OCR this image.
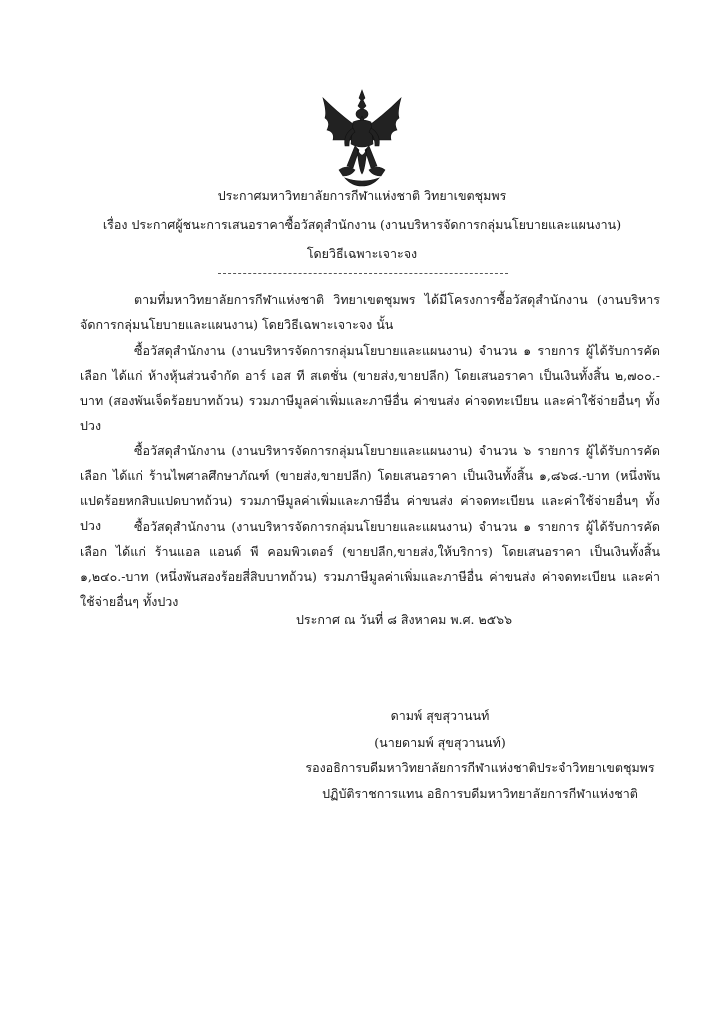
ประกาศมหาวิทยาลัยการกีฬาแห่งชาติ วิทยาเขตชุมพร
เรื่อง ประกาศผู้ชนะการเสนอราคาซื้อวัสดุสำนักงาน (งานบริหารจัดการกลุ่มนโยบายและแผนงาน)
โดยวิธีเฉพาะเจาะจง

ตามที่มหาวิทยาลัยการกีฬาแห่งชาติ วิทยาเขตชุมพร ได้มีโครงการซื้อวัสดุสำนักงาน (งานบริหารจัดการกลุ่มนโยบายและแผนงาน) โดยวิธีเฉพาะเจาะจง นั้น

ซื้อวัสดุสำนักงาน (งานบริหารจัดการกลุ่มนโยบายและแผนงาน) จำนวน ๑ รายการ ผู้ได้รับการคัดเลือก ได้แก่ ห้างหุ้นส่วนจำกัด อาร์ เอส ที สเตชั่น (ขายส่ง,ขายปลีก) โดยเสนอราคา เป็นเงินทั้งสิ้น ๒,๗๐๐.-บาท (สองพันเจ็ดร้อยบาทถ้วน) รวมภาษีมูลค่าเพิ่มและภาษีอื่น ค่าขนส่ง ค่าจดทะเบียน และค่าใช้จ่ายอื่นๆ ทั้งปวง

ซื้อวัสดุสำนักงาน (งานบริหารจัดการกลุ่มนโยบายและแผนงาน) จำนวน ๖ รายการ ผู้ได้รับการคัดเลือก ได้แก่ ร้านไพศาลศึกษาภัณฑ์ (ขายส่ง,ขายปลีก) โดยเสนอราคา เป็นเงินทั้งสิ้น ๑,๘๖๘.-บาท (หนึ่งพันแปดร้อยหกสิบแปดบาทถ้วน) รวมภาษีมูลค่าเพิ่มและภาษีอื่น ค่าขนส่ง ค่าจดทะเบียน และค่าใช้จ่ายอื่นๆ ทั้งปวง	ซื้อวัสดุสำนักงาน (งานบริหารจัดการกลุ่มนโยบายและแผนงาน) จำนวน ๑ รายการ ผู้ได้รับการคัดเลือก ได้แก่ ร้านแอล แอนด์ พี คอมพิวเตอร์ (ขายปลีก,ขายส่ง,ให้บริการ) โดยเสนอราคา เป็นเงินทั้งสิ้น ๑,๒๔๐.-บาท (หนึ่งพันสองร้อยสี่สิบบาทถ้วน) รวมภาษีมูลค่าเพิ่มและภาษีอื่น ค่าขนส่ง ค่าจดทะเบียน และค่าใช้จ่ายอื่นๆ ทั้งปวง

ประกาศ ณ วันที่ ๘ สิงหาคม พ.ศ. ๒๕๖๖
ดามพ์ สุขสุวานนท์
(นายดามพ์ สุขสุวานนท์)
รองอธิการบดีมหาวิทยาลัยการกีฬาแห่งชาติประจำวิทยาเขตชุมพร
ปฏิบัติราชการแทน อธิการบดีมหาวิทยาลัยการกีฬาแห่งชาติ
